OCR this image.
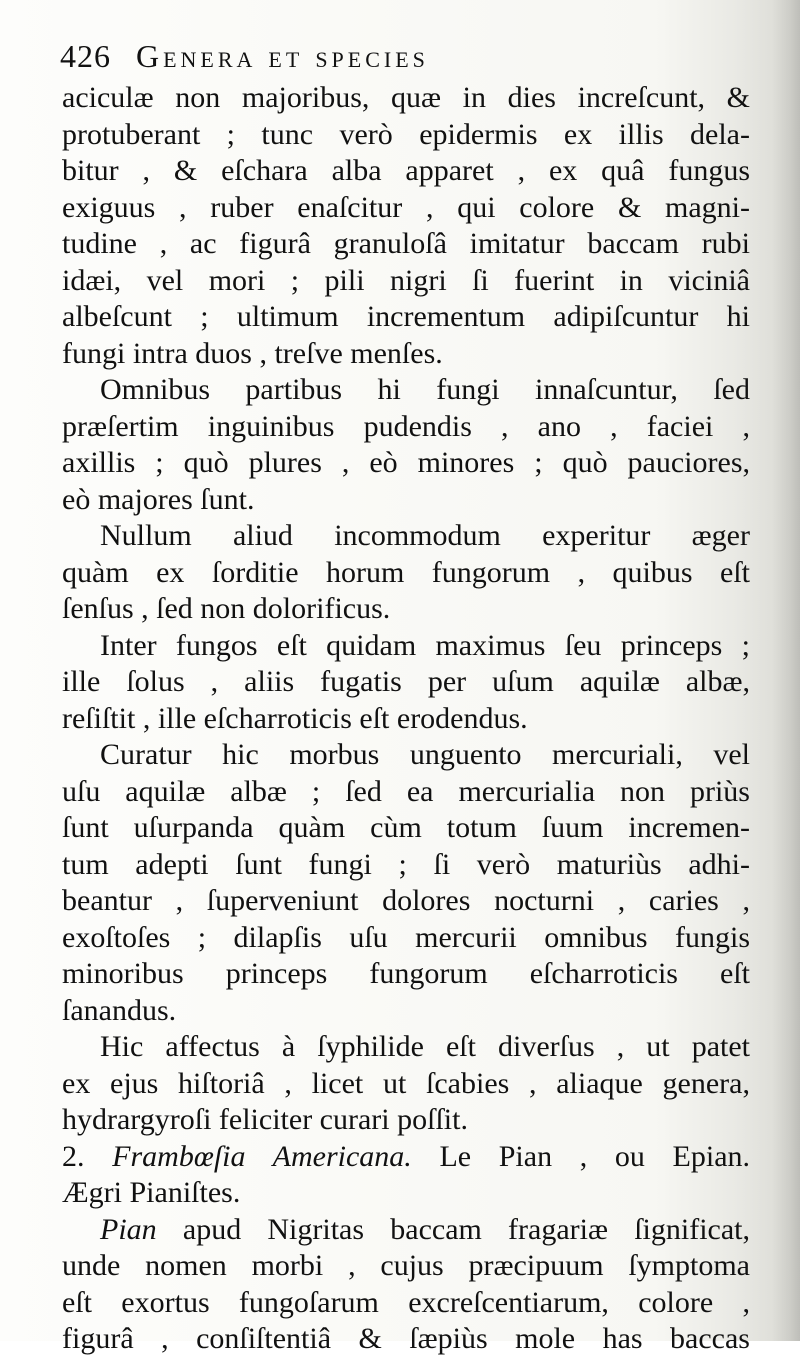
426 Genera et species
aciculæ non majoribus, quæ in dies increſcunt, &
protuberant ; tunc verò epidermis ex illis dela-
bitur , & eſchara alba apparet , ex quâ fungus
exiguus , ruber enaſcitur , qui colore & magni-
tudine , ac figurâ granuloſâ imitatur baccam rubi
idæi, vel mori ; pili nigri ſi fuerint in viciniâ
albeſcunt ; ultimum incrementum adipiſcuntur hi
fungi intra duos , treſve menſes.
Omnibus partibus hi fungi innaſcuntur, ſed
præſertim inguinibus pudendis , ano , faciei ,
axillis ; quò plures , eò minores ; quò pauciores,
eò majores ſunt.
Nullum aliud incommodum experitur æger
quàm ex ſorditie horum fungorum , quibus eſt
ſenſus , ſed non dolorificus.
Inter fungos eſt quidam maximus ſeu princeps ;
ille ſolus , aliis fugatis per uſum aquilæ albæ,
reſiſtit , ille eſcharroticis eſt erodendus.
Curatur hic morbus unguento mercuriali, vel
uſu aquilæ albæ ; ſed ea mercurialia non priùs
ſunt uſurpanda quàm cùm totum ſuum incremen-
tum adepti ſunt fungi ; ſi verò maturiùs adhi-
beantur , ſuperveniunt dolores nocturni , caries ,
exoſtoſes ; dilapſis uſu mercurii omnibus fungis
minoribus princeps fungorum eſcharroticis eſt
ſanandus.
Hic affectus à ſyphilide eſt diverſus , ut patet
ex ejus hiſtoriâ , licet ut ſcabies , aliaque genera,
hydrargyroſi feliciter curari poſſit.
2. Frambœſia Americana. Le Pian , ou Epian.
Ægri Pianiſtes.
Pian apud Nigritas baccam fragariæ ſignificat,
unde nomen morbi , cujus præcipuum ſymptoma
eſt exortus fungoſarum excreſcentiarum, colore ,
figurâ , conſiſtentiâ & ſæpiùs mole has baccas
